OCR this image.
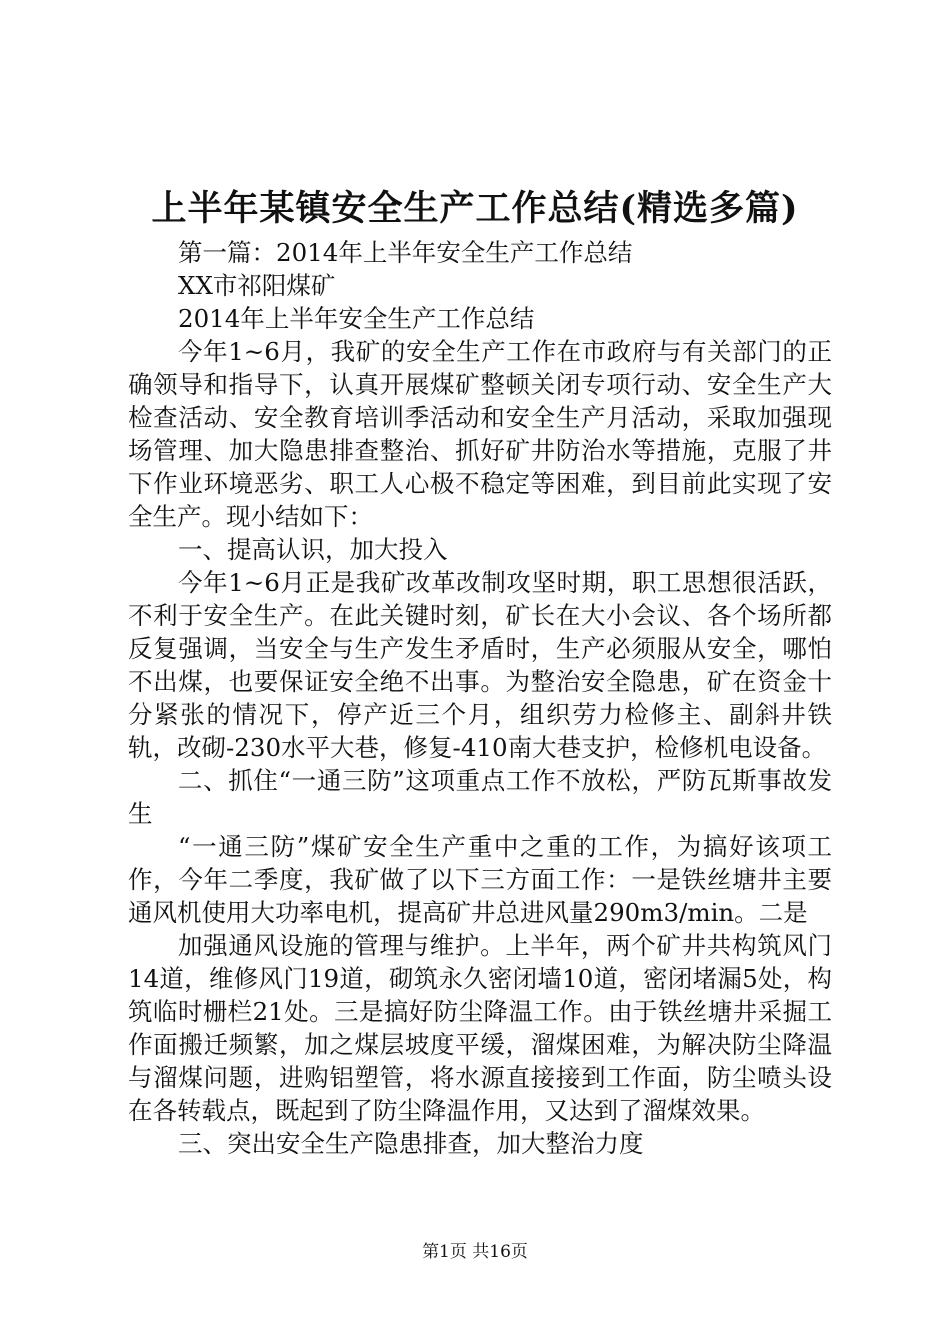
上半年某镇安全生产工作总结(精选多篇)

第一篇：2014年上半年安全生产工作总结

XX市祁阳煤矿

2014年上半年安全生产工作总结

今年1~6月，我矿的安全生产工作在市政府与有关部门的正确领导和指导下，认真开展煤矿整顿关闭专项行动、安全生产大检查活动、安全教育培训季活动和安全生产月活动，采取加强现场管理、加大隐患排查整治、抓好矿井防治水等措施，克服了井下作业环境恶劣、职工人心极不稳定等困难，到目前此实现了安全生产。现小结如下：

一、提高认识，加大投入

今年1~6月正是我矿改革改制攻坚时期，职工思想很活跃，不利于安全生产。在此关键时刻，矿长在大小会议、各个场所都反复强调，当安全与生产发生矛盾时，生产必须服从安全，哪怕不出煤，也要保证安全绝不出事。为整治安全隐患，矿在资金十分紧张的情况下，停产近三个月，组织劳力检修主、副斜井铁轨，改砌-230水平大巷，修复-410南大巷支护，检修机电设备。

二、抓住“一通三防”这项重点工作不放松，严防瓦斯事故发生

“一通三防”煤矿安全生产重中之重的工作，为搞好该项工作，今年二季度，我矿做了以下三方面工作：一是铁丝塘井主要通风机使用大功率电机，提高矿井总进风量290m3/min。二是

加强通风设施的管理与维护。上半年，两个矿井共构筑风门14道，维修风门19道，砌筑永久密闭墙10道，密闭堵漏5处，构筑临时栅栏21处。三是搞好防尘降温工作。由于铁丝塘井采掘工作面搬迁频繁，加之煤层坡度平缓，溜煤困难，为解决防尘降温与溜煤问题，进购铝塑管，将水源直接接到工作面，防尘喷头设在各转载点，既起到了防尘降温作用，又达到了溜煤效果。

三、突出安全生产隐患排查，加大整治力度

第1页 共16页
